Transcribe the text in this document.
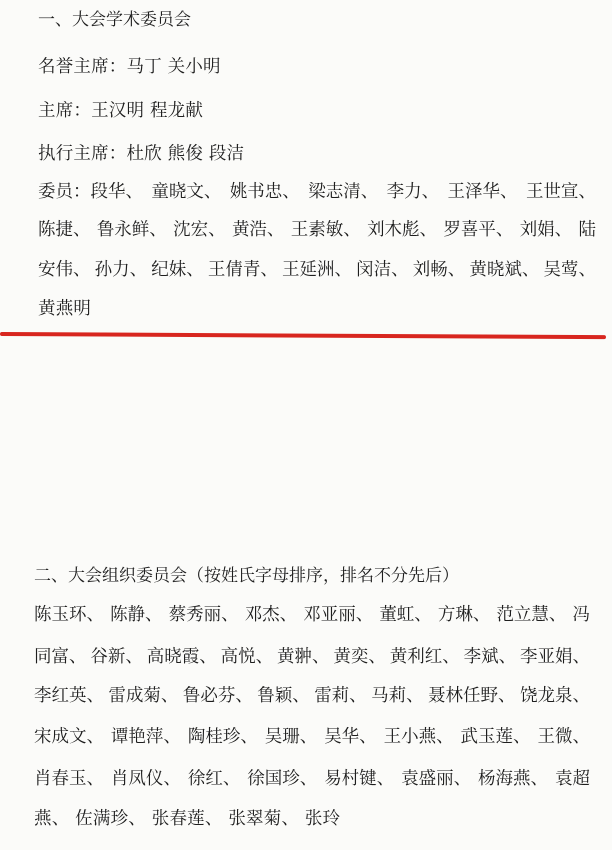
一、大会学术委员会
名誉主席：马丁 关小明
主席：王汉明 程龙献
执行主席：杜欣 熊俊 段洁
委员：段华、 童晓文、 姚书忠、 梁志清、 李力、 王泽华、 王世宣、
陈捷、 鲁永鲜、 沈宏、 黄浩、 王素敏、 刘木彪、 罗喜平、 刘娟、 陆
安伟、 孙力、 纪妹、 王倩青、 王延洲、 闵洁、 刘畅、 黄晓斌、 吴莺、
黄燕明
二、大会组织委员会（按姓氏字母排序，排名不分先后）
陈玉环、 陈静、 蔡秀丽、 邓杰、 邓亚丽、 董虹、 方琳、 范立慧、 冯
同富、 谷新、 高晓霞、 高悦、 黄翀、 黄奕、 黄利红、 李斌、 李亚娟、
李红英、 雷成菊、 鲁必芬、 鲁颖、 雷莉、 马莉、 聂林任野、 饶龙泉、
宋成文、 谭艳萍、 陶桂珍、 吴珊、 吴华、 王小燕、 武玉莲、 王微、
肖春玉、 肖凤仪、 徐红、 徐国珍、 易村键、 袁盛丽、 杨海燕、 袁超
燕、 佐满珍、 张春莲、 张翠菊、 张玲
